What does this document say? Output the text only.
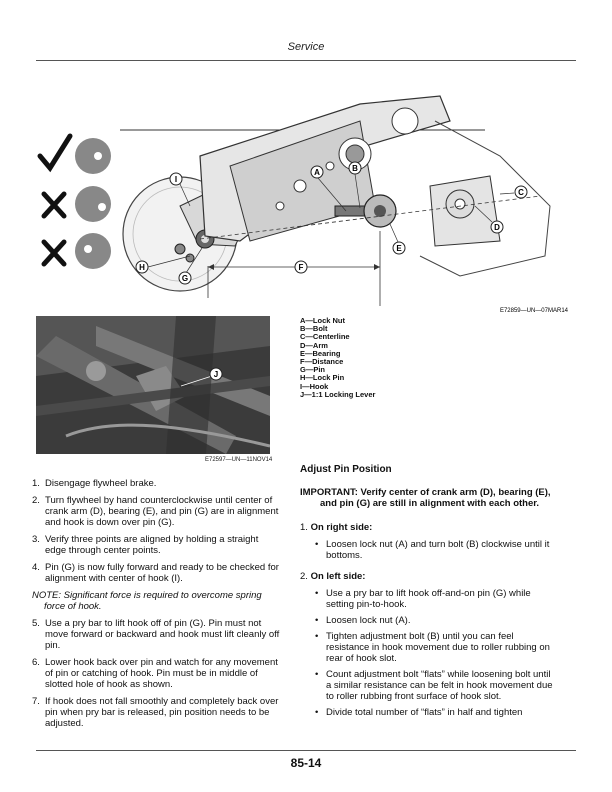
Service
I
H
G
A	B
E
D
C
F
E72859—UN—07MAR14
J
E72597—UN—11NOV14
A—Lock Nut
B—Bolt
C—Centerline
D—Arm
E—Bearing
F—Distance
G—Pin
H—Lock Pin
I—Hook
J—1:1 Locking Lever
1. Disengage flywheel brake.
2. Turn flywheel by hand counterclockwise until center of crank arm (D), bearing (E), and pin (G) are in alignment and hook is down over pin (G).
3. Verify three points are aligned by holding a straight edge through center points.
4. Pin (G) is now fully forward and ready to be checked for alignment with center of hook (I).
NOTE: Significant force is required to overcome spring force of hook.
5. Use a pry bar to lift hook off of pin (G). Pin must not move forward or backward and hook must lift cleanly off pin.
6. Lower hook back over pin and watch for any movement of pin or catching of hook. Pin must be in middle of slotted hole of hook as shown.
7. If hook does not fall smoothly and completely back over pin when pry bar is released, pin position needs to be adjusted.
Adjust Pin Position
IMPORTANT: Verify center of crank arm (D), bearing (E), and pin (G) are still in alignment with each other.
1. On right side:
• Loosen lock nut (A) and turn bolt (B) clockwise until it bottoms.
2. On left side:
• Use a pry bar to lift hook off-and-on pin (G) while setting pin-to-hook.
• Loosen lock nut (A).
• Tighten adjustment bolt (B) until you can feel resistance in hook movement due to roller rubbing on rear of hook slot.
• Count adjustment bolt “flats” while loosening bolt until a similar resistance can be felt in hook movement due to roller rubbing front surface of hook slot.
• Divide total number of “flats” in half and tighten
85-14
